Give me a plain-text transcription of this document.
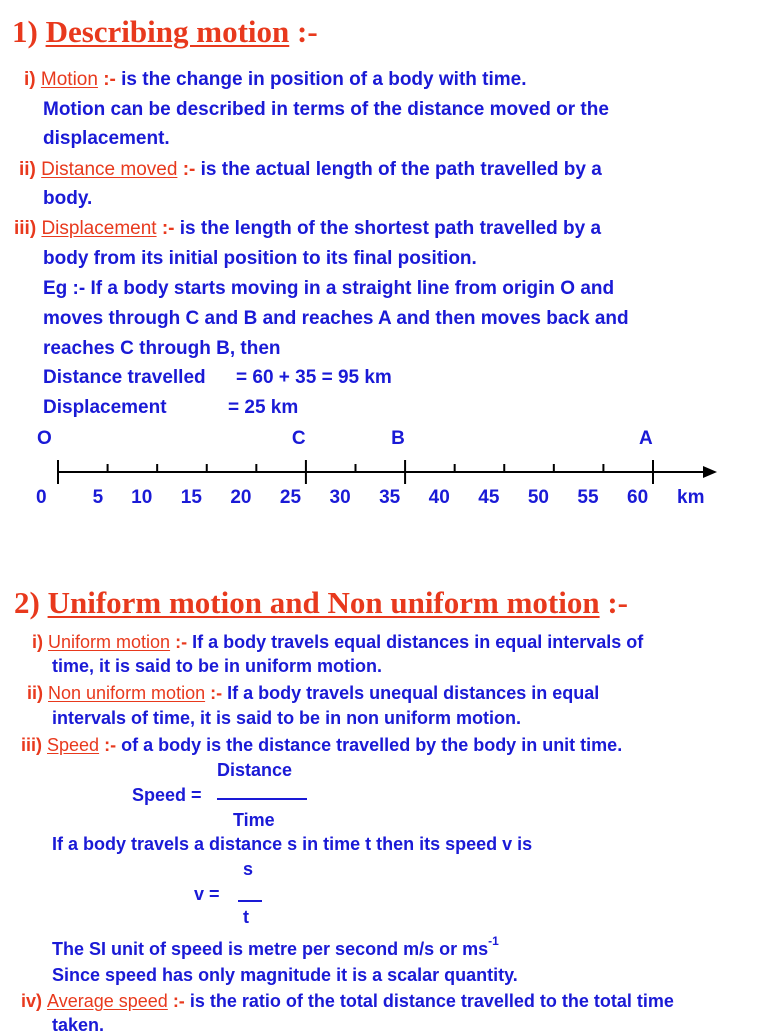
1) Describing motion :-
i) Motion :- is the change in position of a body with time.
Motion can be described in terms of the distance moved or the
displacement.
ii) Distance moved :- is the actual length of the path travelled by a
body.
iii) Displacement :- is the length of the shortest path travelled by a
body from its initial position to its final position.
Eg :- If a body starts moving in a straight line from origin O and
moves through C and B and reaches A and then moves back and
reaches C through B, then
Distance travelled = 60 + 35 = 95 km
Displacement	= 25 km
0 5 10 15 20 25 30 35 40 45 50 55 60 km
O	C	B	A
2) Uniform motion and Non uniform motion :-
i) Uniform motion :- If a body travels equal distances in equal intervals of
time, it is said to be in uniform motion.
ii) Non uniform motion :- If a body travels unequal distances in equal
intervals of time, it is said to be in non uniform motion.
iii) Speed :- of a body is the distance travelled by the body in unit time.
Distance
Speed =
Time
If a body travels a distance s in time t then its speed v is
s
v =
t
The SI unit of speed is metre per second m/s or $ms^{-1}$
Since speed has only magnitude it is a scalar quantity.
iv) Average speed :- is the ratio of the total distance travelled to the total time
taken.
